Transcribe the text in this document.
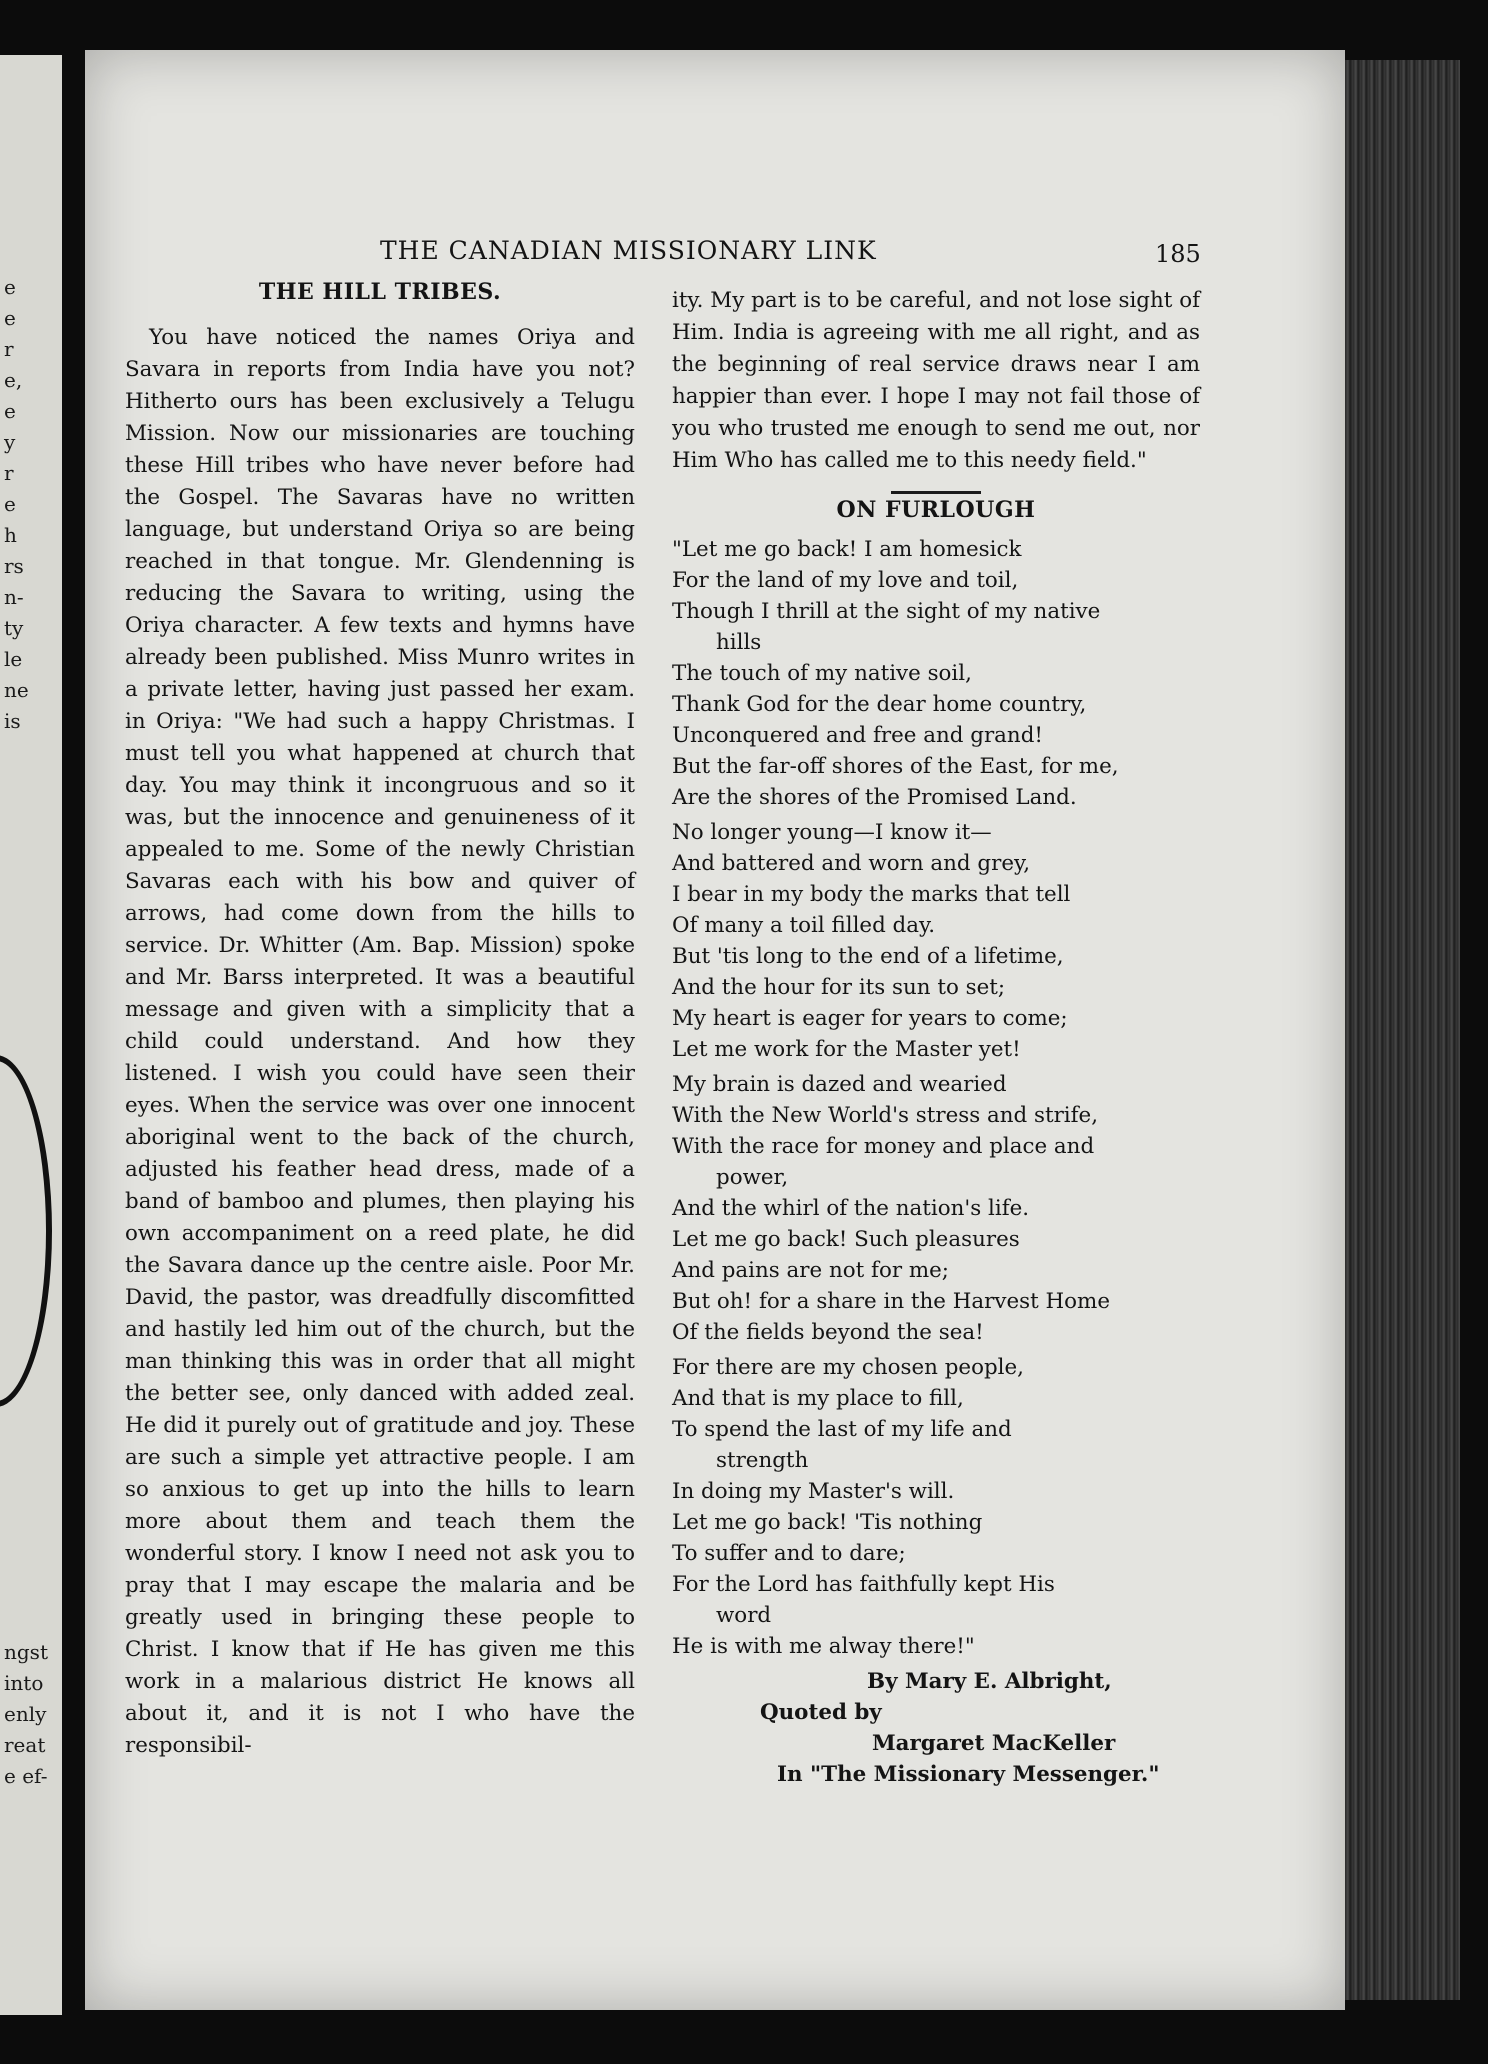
e
e
r
e,
e
y
r
e
h
rs
n-
ty
le
ne
is
ngst
into
enly
reat
e ef-
THE CANADIAN MISSIONARY LINK	185
THE HILL TRIBES.

You have noticed the names Oriya and Savara in reports from India have you not? Hitherto ours has been exclusively a Telugu Mission. Now our missionaries are touching these Hill tribes who have never before had the Gospel. The Savaras have no written language, but understand Oriya so are being reached in that tongue. Mr. Glendenning is reducing the Savara to writing, using the Oriya character. A few texts and hymns have already been published. Miss Munro writes in a private letter, having just passed her exam. in Oriya: "We had such a happy Christmas. I must tell you what happened at church that day. You may think it incongruous and so it was, but the innocence and genuineness of it appealed to me. Some of the newly Christian Savaras each with his bow and quiver of arrows, had come down from the hills to service. Dr. Whitter (Am. Bap. Mission) spoke and Mr. Barss interpreted. It was a beautiful message and given with a simplicity that a child could understand. And how they listened. I wish you could have seen their eyes. When the service was over one innocent aboriginal went to the back of the church, adjusted his feather head dress, made of a band of bamboo and plumes, then playing his own accompaniment on a reed plate, he did the Savara dance up the centre aisle. Poor Mr. David, the pastor, was dreadfully discomfitted and hastily led him out of the church, but the man thinking this was in order that all might the better see, only danced with added zeal. He did it purely out of gratitude and joy. These are such a simple yet attractive people. I am so anxious to get up into the hills to learn more about them and teach them the wonderful story. I know I need not ask you to pray that I may escape the malaria and be greatly used in bringing these people to Christ. I know that if He has given me this work in a malarious district He knows all about it, and it is not I who have the responsibil-

ity. My part is to be careful, and not lose sight of Him. India is agreeing with me all right, and as the beginning of real service draws near I am happier than ever. I hope I may not fail those of you who trusted me enough to send me out, nor Him Who has called me to this needy field."

ON FURLOUGH
"Let me go back! I am homesick
For the land of my love and toil,
Though I thrill at the sight of my native
hills
The touch of my native soil,
Thank God for the dear home country,
Unconquered and free and grand!
But the far-off shores of the East, for me,
Are the shores of the Promised Land.
No longer young—I know it—
And battered and worn and grey,
I bear in my body the marks that tell
Of many a toil filled day.
But 'tis long to the end of a lifetime,
And the hour for its sun to set;
My heart is eager for years to come;
Let me work for the Master yet!
My brain is dazed and wearied
With the New World's stress and strife,
With the race for money and place and
power,
And the whirl of the nation's life.
Let me go back! Such pleasures
And pains are not for me;
But oh! for a share in the Harvest Home
Of the fields beyond the sea!
For there are my chosen people,
And that is my place to fill,
To spend the last of my life and
strength
In doing my Master's will.
Let me go back! 'Tis nothing
To suffer and to dare;
For the Lord has faithfully kept His
word
He is with me alway there!"
By Mary E. Albright,
Quoted by
Margaret MacKeller
In "The Missionary Messenger."
